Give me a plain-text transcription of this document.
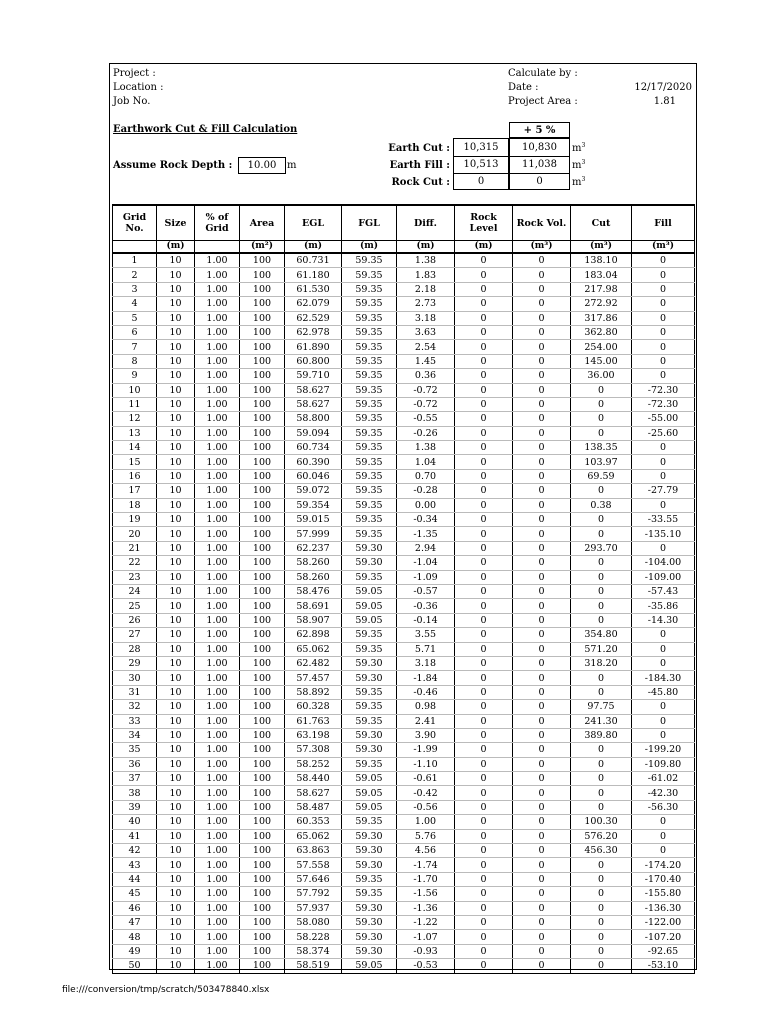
Project :
Location :
Job No.
Calculate by :
Date :	12/17/2020
Project Area :	1.81
Earthwork Cut & Fill Calculation	+ 5 %
Earth Cut :	10,315	10,830	$m^3$
Assume Rock Depth :	10.00	m	Earth Fill :	10,513	11,038	$m^3$
Rock Cut :	0	0	$m^3$
Grid No.	Size	% of Grid	Area	EGL	FGL	Diff.	Rock Level	Rock Vol.	Cut	Fill
	(m)		(m²)	(m)	(m)	(m)	(m)	(m³)	(m³)	(m³)
1	10	1.00	100	60.731	59.35	1.38	0	0	138.10	0
2	10	1.00	100	61.180	59.35	1.83	0	0	183.04	0
3	10	1.00	100	61.530	59.35	2.18	0	0	217.98	0
4	10	1.00	100	62.079	59.35	2.73	0	0	272.92	0
5	10	1.00	100	62.529	59.35	3.18	0	0	317.86	0
6	10	1.00	100	62.978	59.35	3.63	0	0	362.80	0
7	10	1.00	100	61.890	59.35	2.54	0	0	254.00	0
8	10	1.00	100	60.800	59.35	1.45	0	0	145.00	0
9	10	1.00	100	59.710	59.35	0.36	0	0	36.00	0
10	10	1.00	100	58.627	59.35	-0.72	0	0	0	-72.30
11	10	1.00	100	58.627	59.35	-0.72	0	0	0	-72.30
12	10	1.00	100	58.800	59.35	-0.55	0	0	0	-55.00
13	10	1.00	100	59.094	59.35	-0.26	0	0	0	-25.60
14	10	1.00	100	60.734	59.35	1.38	0	0	138.35	0
15	10	1.00	100	60.390	59.35	1.04	0	0	103.97	0
16	10	1.00	100	60.046	59.35	0.70	0	0	69.59	0
17	10	1.00	100	59.072	59.35	-0.28	0	0	0	-27.79
18	10	1.00	100	59.354	59.35	0.00	0	0	0.38	0
19	10	1.00	100	59.015	59.35	-0.34	0	0	0	-33.55
20	10	1.00	100	57.999	59.35	-1.35	0	0	0	-135.10
21	10	1.00	100	62.237	59.30	2.94	0	0	293.70	0
22	10	1.00	100	58.260	59.30	-1.04	0	0	0	-104.00
23	10	1.00	100	58.260	59.35	-1.09	0	0	0	-109.00
24	10	1.00	100	58.476	59.05	-0.57	0	0	0	-57.43
25	10	1.00	100	58.691	59.05	-0.36	0	0	0	-35.86
26	10	1.00	100	58.907	59.05	-0.14	0	0	0	-14.30
27	10	1.00	100	62.898	59.35	3.55	0	0	354.80	0
28	10	1.00	100	65.062	59.35	5.71	0	0	571.20	0
29	10	1.00	100	62.482	59.30	3.18	0	0	318.20	0
30	10	1.00	100	57.457	59.30	-1.84	0	0	0	-184.30
31	10	1.00	100	58.892	59.35	-0.46	0	0	0	-45.80
32	10	1.00	100	60.328	59.35	0.98	0	0	97.75	0
33	10	1.00	100	61.763	59.35	2.41	0	0	241.30	0
34	10	1.00	100	63.198	59.30	3.90	0	0	389.80	0
35	10	1.00	100	57.308	59.30	-1.99	0	0	0	-199.20
36	10	1.00	100	58.252	59.35	-1.10	0	0	0	-109.80
37	10	1.00	100	58.440	59.05	-0.61	0	0	0	-61.02
38	10	1.00	100	58.627	59.05	-0.42	0	0	0	-42.30
39	10	1.00	100	58.487	59.05	-0.56	0	0	0	-56.30
40	10	1.00	100	60.353	59.35	1.00	0	0	100.30	0
41	10	1.00	100	65.062	59.30	5.76	0	0	576.20	0
42	10	1.00	100	63.863	59.30	4.56	0	0	456.30	0
43	10	1.00	100	57.558	59.30	-1.74	0	0	0	-174.20
44	10	1.00	100	57.646	59.35	-1.70	0	0	0	-170.40
45	10	1.00	100	57.792	59.35	-1.56	0	0	0	-155.80
46	10	1.00	100	57.937	59.30	-1.36	0	0	0	-136.30
47	10	1.00	100	58.080	59.30	-1.22	0	0	0	-122.00
48	10	1.00	100	58.228	59.30	-1.07	0	0	0	-107.20
49	10	1.00	100	58.374	59.30	-0.93	0	0	0	-92.65
50	10	1.00	100	58.519	59.05	-0.53	0	0	0	-53.10
file:///conversion/tmp/scratch/503478840.xlsx
